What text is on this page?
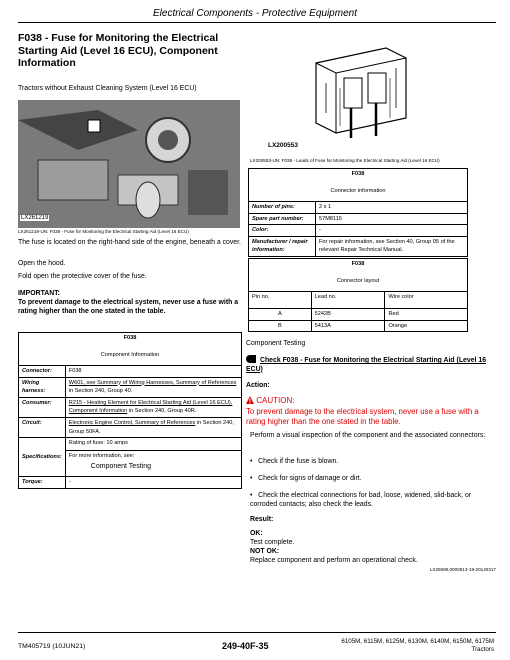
Electrical Components - Protective Equipment
F038 - Fuse for Monitoring the Electrical Starting Aid (Level 16 ECU), Component Information
Tractors without Exhaust Cleaning System (Level 16 ECU)
LX261219
LX261219-UN: F038 - Fuse for Monitoring the Electrical Starting Aid (Level 16 ECU)
The fuse is located on the right-hand side of the engine, beneath a cover.
Open the hood.
Fold open the protective cover of the fuse.
IMPORTANT:
To prevent damage to the electrical system, never use a fuse with a rating higher than the one stated in the table.
LX200553
LX200553-UN: F038 - Leads of Fuse for Monitoring the Electrical Starting Aid (Level 16 ECU)
F038
Connector information	

Number of pins:	2 x 1
Spare part number:	57M8115
Color:	-
Manufacturer / repair information:	For repair information, see Section 40, Group 05 of the relevant Repair Technical Manual.
F038
Connector layout		

Pin no.	Lead no.	Wire color
A	5242B	Red
B	5413A	Orange
F038
Component Information	

Connector:	F038
Wiring harness:	W601, see Summary of Wiring Harnesses, Summary of References in Section 240, Group 40.
Consumer:	R215 - Heating Element for Electrical Starting Aid (Level 16 ECU), Component Information in Section 240, Group 40R.
Circuit:	Electronic Engine Control, Summary of References in Section 240, Group 50FA.
Specifications:	Rating of fuse: 10 amps
For more information, see:
Component Testing

Torque:	-
Component Testing
Check F038 - Fuse for Monitoring the Electrical Starting Aid (Level 16 ECU)
Action:
CAUTION:
To prevent damage to the electrical system, never use a fuse with a rating higher than the one stated in the table.
Perform a visual inspection of the component and the associated connectors:
•   Check if the fuse is blown.
•   Check for signs of damage or dirt.
•   Check the electrical connections for bad, loose, widened, slid-back, or corroded contacts; also check the leads.
Result:
OK:
Test complete.
NOT OK:
Replace component and perform an operational check.
LX25699,0000813-19-20140317
TM405719 (10JUN21)	249-40F-35	6105M, 6115M, 6125M, 6130M, 6140M, 6150M, 6175M
Tractors
